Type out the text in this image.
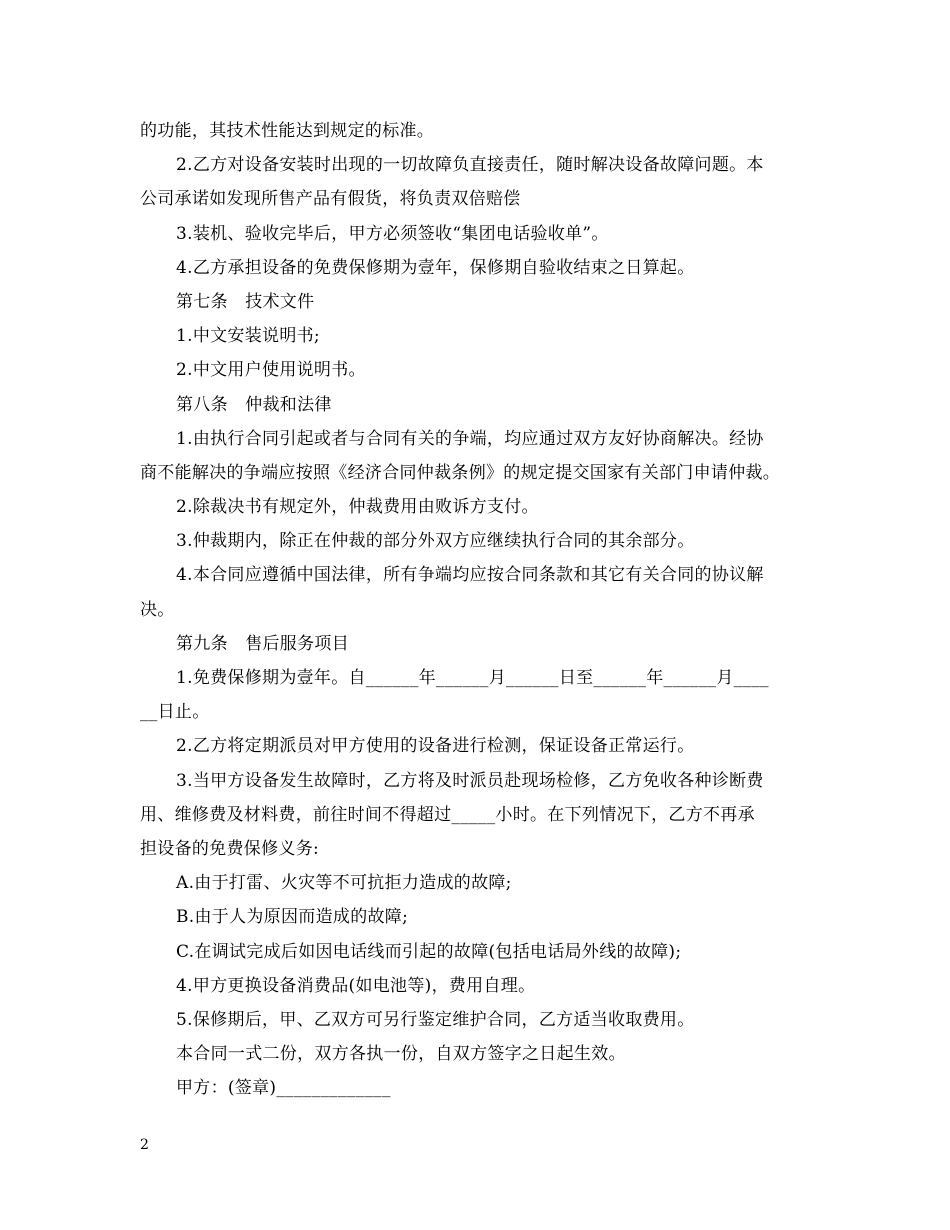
的功能，其技术性能达到规定的标准。
2.乙方对设备安装时出现的一切故障负直接责任，随时解决设备故障问题。本
公司承诺如发现所售产品有假货，将负责双倍赔偿
3.装机、验收完毕后，甲方必须签收“集团电话验收单”。
4.乙方承担设备的免费保修期为壹年，保修期自验收结束之日算起。
第七条　技术文件
1.中文安装说明书;
2.中文用户使用说明书。
第八条　仲裁和法律
1.由执行合同引起或者与合同有关的争端，均应通过双方友好协商解决。经协
商不能解决的争端应按照《经济合同仲裁条例》的规定提交国家有关部门申请仲裁。
2.除裁决书有规定外，仲裁费用由败诉方支付。
3.仲裁期内，除正在仲裁的部分外双方应继续执行合同的其余部分。
4.本合同应遵循中国法律，所有争端均应按合同条款和其它有关合同的协议解
决。
第九条　售后服务项目
1.免费保修期为壹年。自______年______月______日至______年______月____
__日止。
2.乙方将定期派员对甲方使用的设备进行检测，保证设备正常运行。
3.当甲方设备发生故障时，乙方将及时派员赴现场检修，乙方免收各种诊断费
用、维修费及材料费，前往时间不得超过_____小时。在下列情况下，乙方不再承
担设备的免费保修义务:
A.由于打雷、火灾等不可抗拒力造成的故障;
B.由于人为原因而造成的故障;
C.在调试完成后如因电话线而引起的故障(包括电话局外线的故障);
4.甲方更换设备消费品(如电池等)，费用自理。
5.保修期后，甲、乙双方可另行鉴定维护合同，乙方适当收取费用。
本合同一式二份，双方各执一份，自双方签字之日起生效。
甲方：(签章)_____________
2
